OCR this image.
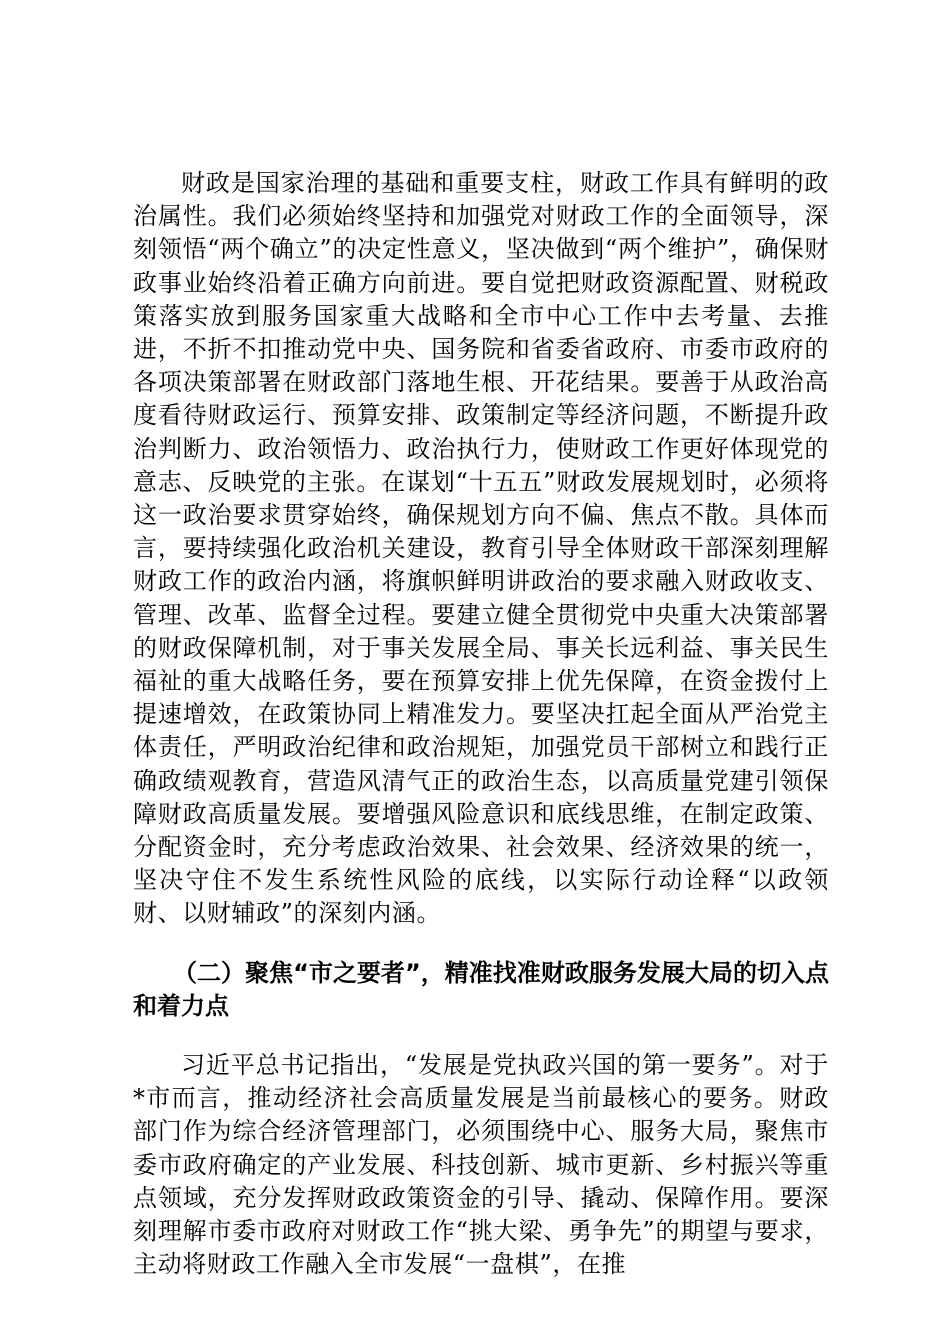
财政是国家治理的基础和重要支柱，财政工作具有鲜明的政治属性。我们必须始终坚持和加强党对财政工作的全面领导，深刻领悟“两个确立”的决定性意义，坚决做到“两个维护”，确保财政事业始终沿着正确方向前进。要自觉把财政资源配置、财税政策落实放到服务国家重大战略和全市中心工作中去考量、去推进，不折不扣推动党中央、国务院和省委省政府、市委市政府的各项决策部署在财政部门落地生根、开花结果。要善于从政治高度看待财政运行、预算安排、政策制定等经济问题，不断提升政治判断力、政治领悟力、政治执行力，使财政工作更好体现党的意志、反映党的主张。在谋划“十五五”财政发展规划时，必须将这一政治要求贯穿始终，确保规划方向不偏、焦点不散。具体而言，要持续强化政治机关建设，教育引导全体财政干部深刻理解财政工作的政治内涵，将旗帜鲜明讲政治的要求融入财政收支、管理、改革、监督全过程。要建立健全贯彻党中央重大决策部署的财政保障机制，对于事关发展全局、事关长远利益、事关民生福祉的重大战略任务，要在预算安排上优先保障，在资金拨付上提速增效，在政策协同上精准发力。要坚决扛起全面从严治党主体责任，严明政治纪律和政治规矩，加强党员干部树立和践行正确政绩观教育，营造风清气正的政治生态，以高质量党建引领保障财政高质量发展。要增强风险意识和底线思维，在制定政策、分配资金时，充分考虑政治效果、社会效果、经济效果的统一，坚决守住不发生系统性风险的底线，以实际行动诠释“以政领财、以财辅政”的深刻内涵。

（二）聚焦“市之要者”，精准找准财政服务发展大局的切入点和着力点

习近平总书记指出，“发展是党执政兴国的第一要务”。对于*市而言，推动经济社会高质量发展是当前最核心的要务。财政部门作为综合经济管理部门，必须围绕中心、服务大局，聚焦市委市政府确定的产业发展、科技创新、城市更新、乡村振兴等重点领域，充分发挥财政政策资金的引导、撬动、保障作用。要深刻理解市委市政府对财政工作“挑大梁、勇争先”的期望与要求，主动将财政工作融入全市发展“一盘棋”，在推
